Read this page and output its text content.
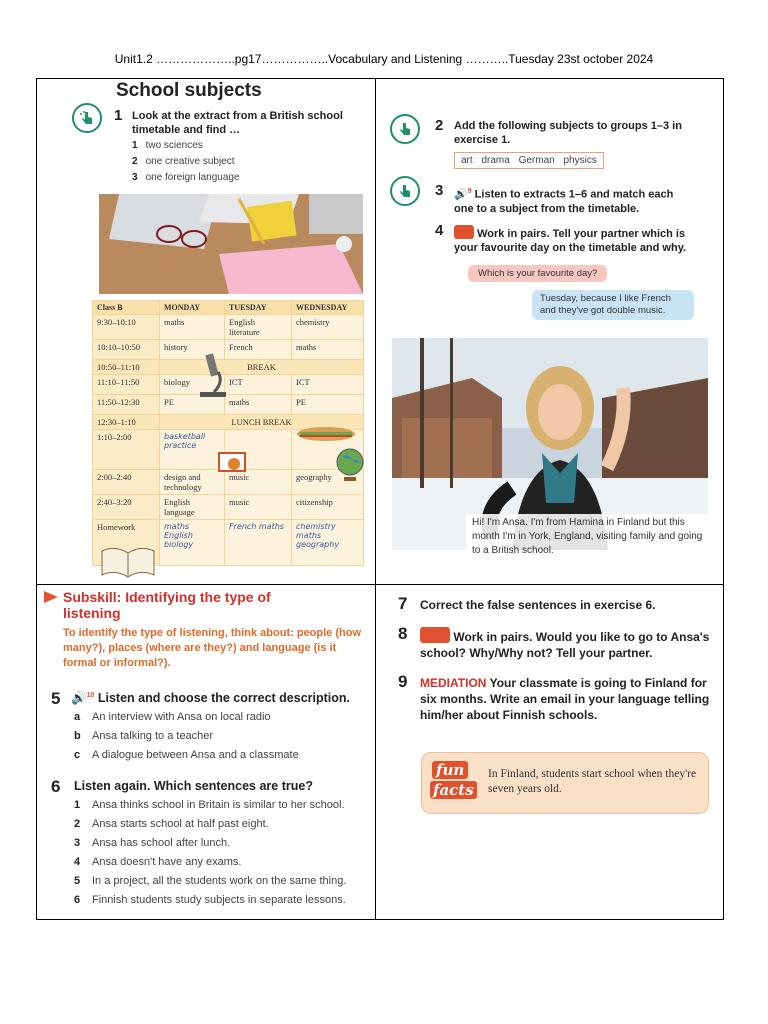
Unit1.2 ………………..pg17……………..Vocabulary and Listening ………..Tuesday 23st october 2024
School subjects
1 Look at the extract from a British school timetable and find …
1 two sciences
2 one creative subject
3 one foreign language
Class B	MONDAY	TUESDAY	WEDNESDAY
9:30–10:10	maths	English literature	chemistry
10:10–10:50	history	French	maths
10:50–11:10	BREAK		
11:10–11:50	biology	ICT	ICT
11:50–12:30	PE	maths	PE
12:30–1:10	LUNCH BREAK		
1:10–2:00	basketball practice		
2:00–2:40	design and technology	music	geography
2:40–3:20	English language	music	citizenship
Homework	maths English biology	French maths	chemistry maths geography
2 Add the following subjects to groups 1–3 in exercise 1.
art drama German physics
3 🔊$^9$ Listen to extracts 1–6 and match each one to a subject from the timetable.
4	Work in pairs. Tell your partner which is your favourite day on the timetable and why.
Which is your favourite day?
Tuesday, because I like French and they've got double music.
Hi! I'm Ansa. I'm from Hamina in Finland but this month I'm in York, England, visiting family and going to a British school.
Subskill: Identifying the type of listening
To identify the type of listening, think about: people (how many?), places (where are they?) and language (is it formal or informal?).
5 🔊$^{10}$ Listen and choose the correct description.
a An interview with Ansa on local radio
b Ansa talking to a teacher
c A dialogue between Ansa and a classmate
6 Listen again. Which sentences are true?
1 Ansa thinks school in Britain is similar to her school.
2 Ansa starts school at half past eight.
3 Ansa has school after lunch.
4 Ansa doesn't have any exams.
5 In a project, all the students work on the same thing.
6 Finnish students study subjects in separate lessons.
7 Correct the false sentences in exercise 6.
8	Work in pairs. Would you like to go to Ansa's school? Why/Why not? Tell your partner.
9 MEDIATION Your classmate is going to Finland for six months. Write an email in your language telling him/her about Finnish schools.
fun
facts
In Finland, students start school when they're seven years old.
